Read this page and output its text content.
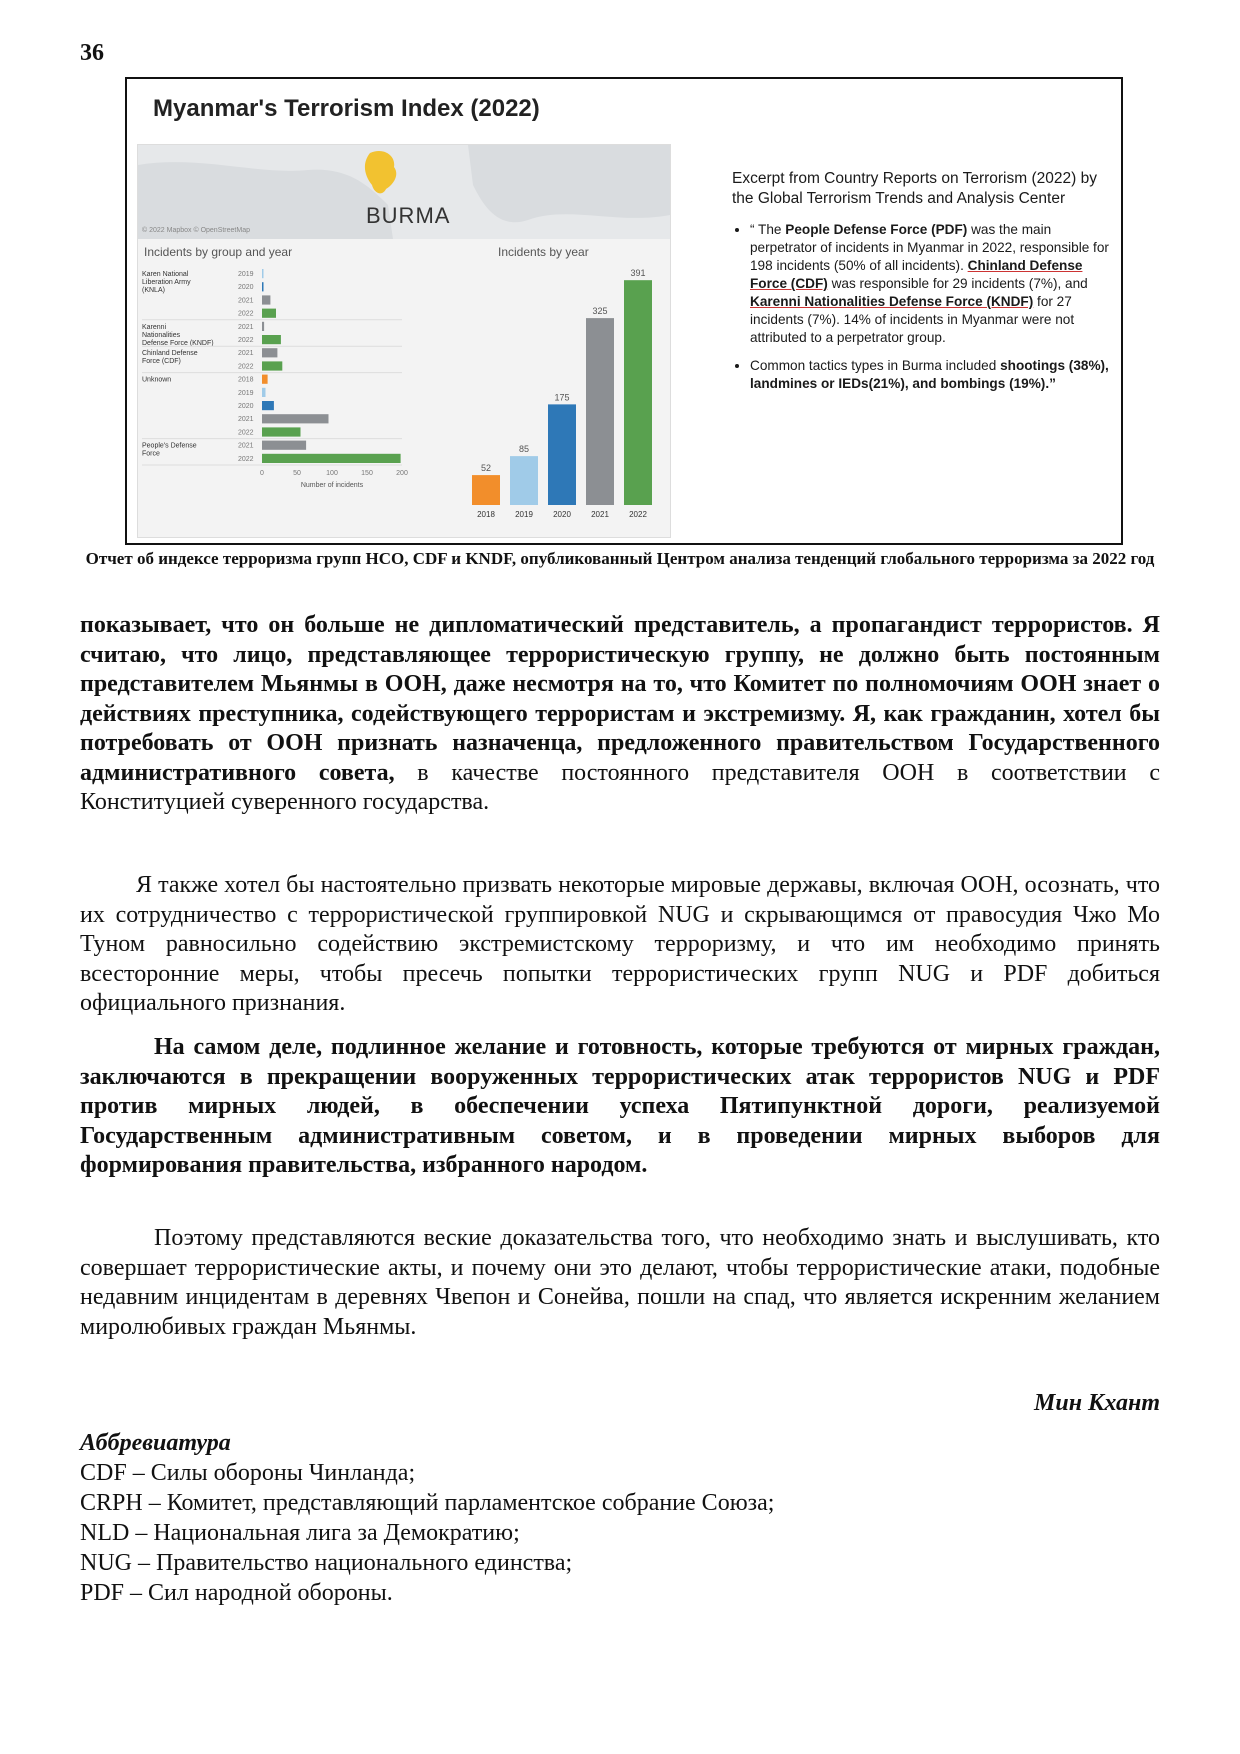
36
Myanmar's Terrorism Index (2022)
BURMA
© 2022 Mapbox © OpenStreetMap
Incidents by group and year	Incidents by year
Karen National
Liberation Army
(KNLA)
2019
2020
2021
2022
Karenni
Nationalities
Defense Force (KNDF)
2021
2022
Chinland Defense
Force (CDF)
2021
2022
Unknown	2018
2019
2020
2021
2022
People's Defense
Force
2021
2022
0	50	100	150	200
Number of incidents
52
2018
85
2019
175
2020
325
2021
391
2022
Excerpt from Country Reports on Terrorism (2022) by the Global Terrorism Trends and Analysis Center
• “ The People Defense Force (PDF) was the main perpetrator of incidents in Myanmar in 2022, responsible for 198 incidents (50% of all incidents). Chinland Defense Force (CDF) was responsible for 29 incidents (7%), and Karenni Nationalities Defense Force (KNDF) for 27 incidents (7%). 14% of incidents in Myanmar were not attributed to a perpetrator group.
• Common tactics types in Burma included shootings (38%), landmines or IEDs(21%), and bombings (19%).”
Отчет об индексе терроризма групп НСО, CDF и KNDF, опубликованный Центром анализа тенденций глобального терроризма за 2022 год
показывает, что он больше не дипломатический представитель, а пропагандист террористов. Я считаю, что лицо, представляющее террористическую группу, не должно быть постоянным представителем Мьянмы в ООН, даже несмотря на то, что Комитет по полномочиям ООН знает о действиях преступника, содействующего террористам и экстремизму. Я, как гражданин, хотел бы потребовать от ООН признать назначенца, предложенного правительством Государственного административного совета, в качестве постоянного представителя ООН в соответствии с Конституцией суверенного государства.
Я также хотел бы настоятельно призвать некоторые мировые державы, включая ООН, осознать, что их сотрудничество с террористической группировкой NUG и скрывающимся от правосудия Чжо Мо Туном равносильно содействию экстремистскому терроризму, и что им необходимо принять всесторонние меры, чтобы пресечь попытки террористических групп NUG и PDF добиться официального признания.
На самом деле, подлинное желание и готовность, которые требуются от мирных граждан, заключаются в прекращении вооруженных террористических атак террористов NUG и PDF против мирных людей, в обеспечении успеха Пятипунктной дороги, реализуемой Государственным административным советом, и в проведении мирных выборов для формирования правительства, избранного народом.
Поэтому представляются веские доказательства того, что необходимо знать и выслушивать, кто совершает террористические акты, и почему они это делают, чтобы террористические атаки, подобные недавним инцидентам в деревнях Чвепон и Сонейва, пошли на спад, что является искренним желанием миролюбивых граждан Мьянмы.
Мин Кхант
Аббревиатура
CDF – Силы обороны Чинланда;
CRPH – Комитет, представляющий парламентское собрание Союза;
NLD – Национальная лига за Демократию;
NUG – Правительство национального единства;
PDF – Сил народной обороны.
